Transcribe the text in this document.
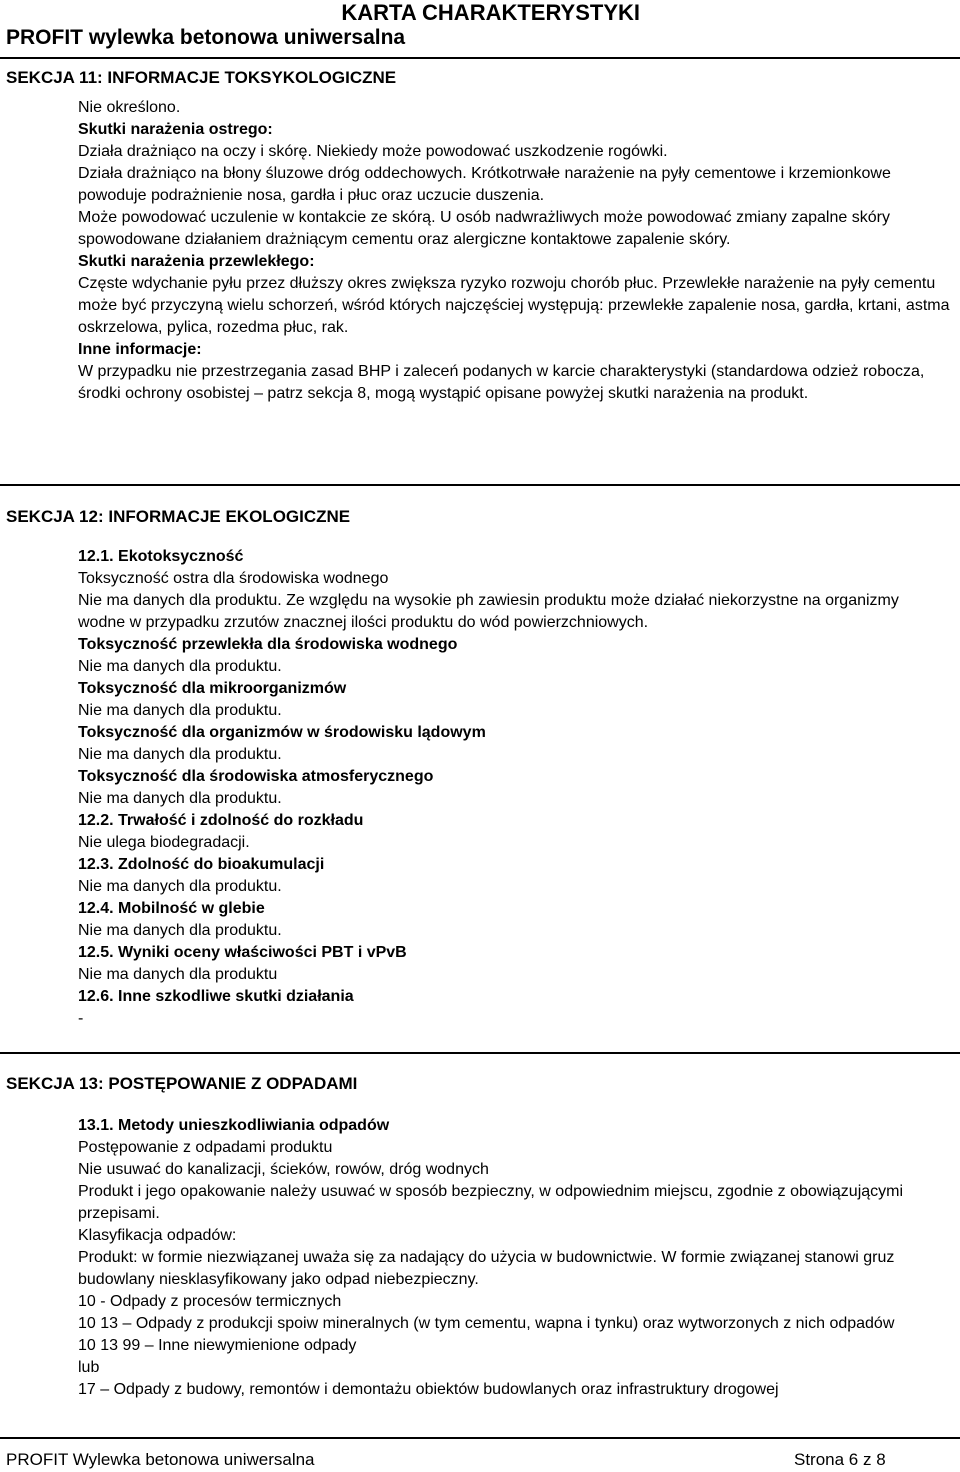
KARTA CHARAKTERYSTYKI
PROFIT wylewka betonowa uniwersalna
SEKCJA 11: INFORMACJE TOKSYKOLOGICZNE

Nie określono.

Skutki narażenia ostrego:

Działa drażniąco na oczy i skórę. Niekiedy może powodować uszkodzenie rogówki.

Działa drażniąco na błony śluzowe dróg oddechowych. Krótkotrwałe narażenie na pyły cementowe i krzemionkowe powoduje podrażnienie nosa, gardła i płuc oraz uczucie duszenia.

Może powodować uczulenie w kontakcie ze skórą. U osób nadwrażliwych może powodować zmiany zapalne skóry spowodowane działaniem drażniącym cementu oraz alergiczne kontaktowe zapalenie skóry.

Skutki narażenia przewlekłego:

Częste wdychanie pyłu przez dłuższy okres zwiększa ryzyko rozwoju chorób płuc. Przewlekłe narażenie na pyły cementu może być przyczyną wielu schorzeń, wśród których najczęściej występują: przewlekłe zapalenie nosa, gardła, krtani, astma oskrzelowa, pylica, rozedma płuc, rak.

Inne informacje:

W przypadku nie przestrzegania zasad BHP i zaleceń podanych w karcie charakterystyki (standardowa odzież robocza, środki ochrony osobistej – patrz sekcja 8, mogą wystąpić opisane powyżej skutki narażenia na produkt.

SEKCJA 12: INFORMACJE EKOLOGICZNE

12.1. Ekotoksyczność

Toksyczność ostra dla środowiska wodnego

Nie ma danych dla produktu. Ze względu na wysokie ph zawiesin produktu może działać niekorzystne na organizmy wodne w przypadku zrzutów znacznej ilości produktu do wód powierzchniowych.

Toksyczność przewlekła dla środowiska wodnego

Nie ma danych dla produktu.

Toksyczność dla mikroorganizmów

Nie ma danych dla produktu.

Toksyczność dla organizmów w środowisku lądowym

Nie ma danych dla produktu.

Toksyczność dla środowiska atmosferycznego

Nie ma danych dla produktu.

12.2. Trwałość i zdolność do rozkładu

Nie ulega biodegradacji.

12.3. Zdolność do bioakumulacji

Nie ma danych dla produktu.

12.4. Mobilność w glebie

Nie ma danych dla produktu.

12.5. Wyniki oceny właściwości PBT i vPvB

Nie ma danych dla produktu

12.6. Inne szkodliwe skutki działania

-

SEKCJA 13: POSTĘPOWANIE Z ODPADAMI

13.1. Metody unieszkodliwiania odpadów

Postępowanie z odpadami produktu

Nie usuwać do kanalizacji, ścieków, rowów, dróg wodnych

Produkt i jego opakowanie należy usuwać w sposób bezpieczny, w odpowiednim miejscu, zgodnie z obowiązującymi przepisami.

Klasyfikacja odpadów:

Produkt: w formie niezwiązanej uważa się za nadający do użycia w budownictwie. W formie związanej stanowi gruz budowlany niesklasyfikowany jako odpad niebezpieczny.

10 - Odpady z procesów termicznych

10 13 – Odpady z produkcji spoiw mineralnych (w tym cementu, wapna i tynku) oraz wytworzonych z nich odpadów

10 13 99 – Inne niewymienione odpady

lub

17 – Odpady z budowy, remontów i demontażu obiektów budowlanych oraz infrastruktury drogowej

PROFIT Wylewka betonowa uniwersalna	Strona 6 z 8
